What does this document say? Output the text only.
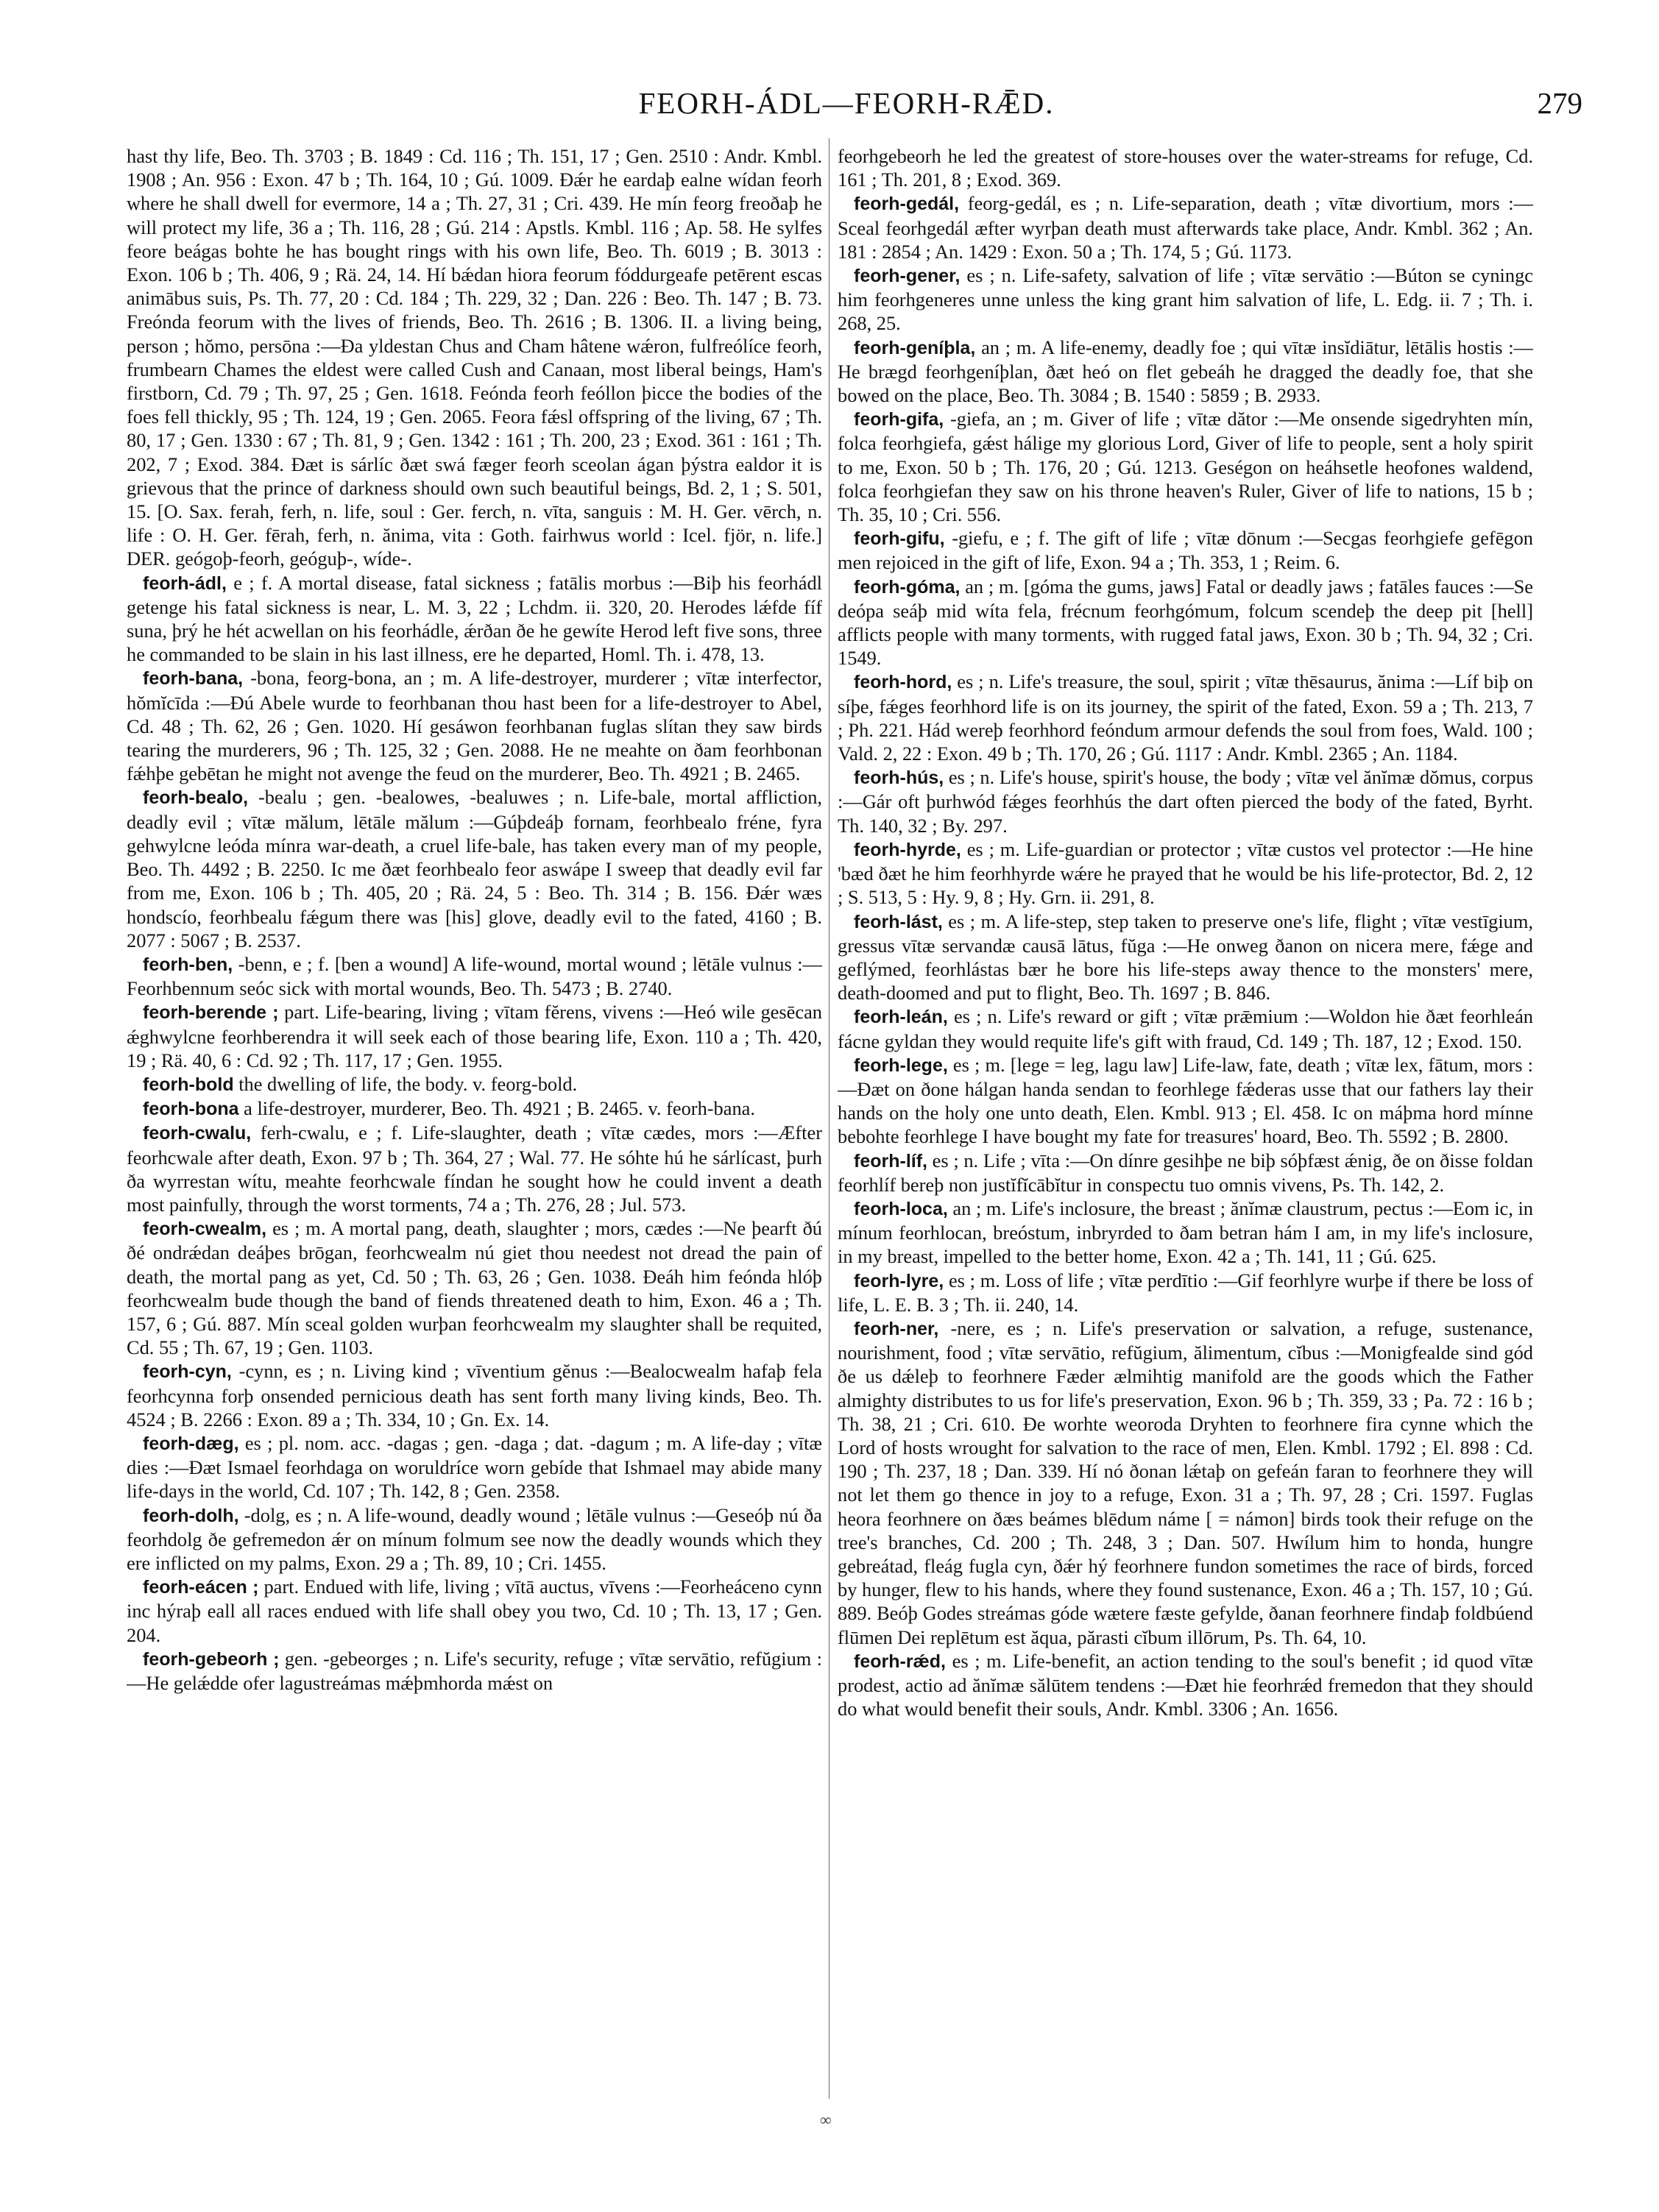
FEORH-ÁDL—FEORH-RǢD.	279

hast thy life, Beo. Th. 3703 ; B. 1849 : Cd. 116 ; Th. 151, 17 ; Gen. 2510 : Andr. Kmbl. 1908 ; An. 956 : Exon. 47 b ; Th. 164, 10 ; Gú. 1009. Ðǽr he eardaþ ealne wídan feorh where he shall dwell for evermore, 14 a ; Th. 27, 31 ; Cri. 439. He mín feorg freoðaþ he will protect my life, 36 a ; Th. 116, 28 ; Gú. 214 : Apstls. Kmbl. 116 ; Ap. 58. He sylfes feore beágas bohte he has bought rings with his own life, Beo. Th. 6019 ; B. 3013 : Exon. 106 b ; Th. 406, 9 ; Rä. 24, 14. Hí bǽdan hiora feorum fóddurgeafe petērent escas animābus suis, Ps. Th. 77, 20 : Cd. 184 ; Th. 229, 32 ; Dan. 226 : Beo. Th. 147 ; B. 73. Freónda feorum with the lives of friends, Beo. Th. 2616 ; B. 1306. II. a living being, person ; hŏmo, persōna :—Ða yldestan Chus and Cham hâtene wǽron, fulfreólíce feorh, frumbearn Chames the eldest were called Cush and Canaan, most liberal beings, Ham's firstborn, Cd. 79 ; Th. 97, 25 ; Gen. 1618. Feónda feorh feóllon þicce the bodies of the foes fell thickly, 95 ; Th. 124, 19 ; Gen. 2065. Feora fǽsl offspring of the living, 67 ; Th. 80, 17 ; Gen. 1330 : 67 ; Th. 81, 9 ; Gen. 1342 : 161 ; Th. 200, 23 ; Exod. 361 : 161 ; Th. 202, 7 ; Exod. 384. Ðæt is sárlíc ðæt swá fæger feorh sceolan ágan þýstra ealdor it is grievous that the prince of darkness should own such beautiful beings, Bd. 2, 1 ; S. 501, 15. [O. Sax. ferah, ferh, n. life, soul : Ger. ferch, n. vīta, sanguis : M. H. Ger. vērch, n. life : O. H. Ger. fērah, ferh, n. ănima, vita : Goth. fairhwus world : Icel. fjör, n. life.] DER. geógoþ-feorh, geóguþ-, wíde-.

feorh-ádl, e ; f. A mortal disease, fatal sickness ; fatālis morbus :—Biþ his feorhádl getenge his fatal sickness is near, L. M. 3, 22 ; Lchdm. ii. 320, 20. Herodes lǽfde fíf suna, þrý he hét acwellan on his feorhádle, ǽrðan ðe he gewíte Herod left five sons, three he commanded to be slain in his last illness, ere he departed, Homl. Th. i. 478, 13.

feorh-bana, -bona, feorg-bona, an ; m. A life-destroyer, murderer ; vītæ interfector, hŏmĭcīda :—Ðú Abele wurde to feorhbanan thou hast been for a life-destroyer to Abel, Cd. 48 ; Th. 62, 26 ; Gen. 1020. Hí gesáwon feorhbanan fuglas slítan they saw birds tearing the murderers, 96 ; Th. 125, 32 ; Gen. 2088. He ne meahte on ðam feorhbonan fǽhþe gebētan he might not avenge the feud on the murderer, Beo. Th. 4921 ; B. 2465.

feorh-bealo, -bealu ; gen. -bealowes, -bealuwes ; n. Life-bale, mortal affliction, deadly evil ; vītæ mălum, lētāle mălum :—Gúþdeáþ fornam, feorhbealo fréne, fyra gehwylcne leóda mínra war-death, a cruel life-bale, has taken every man of my people, Beo. Th. 4492 ; B. 2250. Ic me ðæt feorhbealo feor aswápe I sweep that deadly evil far from me, Exon. 106 b ; Th. 405, 20 ; Rä. 24, 5 : Beo. Th. 314 ; B. 156. Ðǽr wæs hondscío, feorhbealu fǽgum there was [his] glove, deadly evil to the fated, 4160 ; B. 2077 : 5067 ; B. 2537.

feorh-ben, -benn, e ; f. [ben a wound] A life-wound, mortal wound ; lētāle vulnus :—Feorhbennum seóc sick with mortal wounds, Beo. Th. 5473 ; B. 2740.

feorh-berende ; part. Life-bearing, living ; vītam fĕrens, vivens :—Heó wile gesēcan ǽghwylcne feorhberendra it will seek each of those bearing life, Exon. 110 a ; Th. 420, 19 ; Rä. 40, 6 : Cd. 92 ; Th. 117, 17 ; Gen. 1955.

feorh-bold the dwelling of life, the body. v. feorg-bold.

feorh-bona a life-destroyer, murderer, Beo. Th. 4921 ; B. 2465. v. feorh-bana.

feorh-cwalu, ferh-cwalu, e ; f. Life-slaughter, death ; vītæ cædes, mors :—Æfter feorhcwale after death, Exon. 97 b ; Th. 364, 27 ; Wal. 77. He sóhte hú he sárlícast, þurh ða wyrrestan wítu, meahte feorhcwale fíndan he sought how he could invent a death most painfully, through the worst torments, 74 a ; Th. 276, 28 ; Jul. 573.

feorh-cwealm, es ; m. A mortal pang, death, slaughter ; mors, cædes :—Ne þearft ðú ðé ondrǽdan deáþes brōgan, feorhcwealm nú giet thou needest not dread the pain of death, the mortal pang as yet, Cd. 50 ; Th. 63, 26 ; Gen. 1038. Ðeáh him feónda hlóþ feorhcwealm bude though the band of fiends threatened death to him, Exon. 46 a ; Th. 157, 6 ; Gú. 887. Mín sceal golden wurþan feorhcwealm my slaughter shall be requited, Cd. 55 ; Th. 67, 19 ; Gen. 1103.

feorh-cyn, -cynn, es ; n. Living kind ; vīventium gĕnus :—Bealocwealm hafaþ fela feorhcynna forþ onsended pernicious death has sent forth many living kinds, Beo. Th. 4524 ; B. 2266 : Exon. 89 a ; Th. 334, 10 ; Gn. Ex. 14.

feorh-dæg, es ; pl. nom. acc. -dagas ; gen. -daga ; dat. -dagum ; m. A life-day ; vītæ dies :—Ðæt Ismael feorhdaga on woruldríce worn gebíde that Ishmael may abide many life-days in the world, Cd. 107 ; Th. 142, 8 ; Gen. 2358.

feorh-dolh, -dolg, es ; n. A life-wound, deadly wound ; lētāle vulnus :—Geseóþ nú ða feorhdolg ðe gefremedon ǽr on mínum folmum see now the deadly wounds which they ere inflicted on my palms, Exon. 29 a ; Th. 89, 10 ; Cri. 1455.

feorh-eácen ; part. Endued with life, living ; vītā auctus, vīvens :—Feorheáceno cynn inc hýraþ eall all races endued with life shall obey you two, Cd. 10 ; Th. 13, 17 ; Gen. 204.

feorh-gebeorh ; gen. -gebeorges ; n. Life's security, refuge ; vītæ servātio, refŭgium :—He gelǽdde ofer lagustreámas mǽþmhorda mǽst on

feorhgebeorh he led the greatest of store-houses over the water-streams for refuge, Cd. 161 ; Th. 201, 8 ; Exod. 369.

feorh-gedál, feorg-gedál, es ; n. Life-separation, death ; vītæ divortium, mors :—Sceal feorhgedál æfter wyrþan death must afterwards take place, Andr. Kmbl. 362 ; An. 181 : 2854 ; An. 1429 : Exon. 50 a ; Th. 174, 5 ; Gú. 1173.

feorh-gener, es ; n. Life-safety, salvation of life ; vītæ servātio :—Búton se cyningc him feorhgeneres unne unless the king grant him salvation of life, L. Edg. ii. 7 ; Th. i. 268, 25.

feorh-geníþla, an ; m. A life-enemy, deadly foe ; qui vītæ insĭdiātur, lētālis hostis :—He brægd feorhgeníþlan, ðæt heó on flet gebeáh he dragged the deadly foe, that she bowed on the place, Beo. Th. 3084 ; B. 1540 : 5859 ; B. 2933.

feorh-gifa, -giefa, an ; m. Giver of life ; vītæ dător :—Me onsende sigedryhten mín, folca feorhgiefa, gǽst hálige my glorious Lord, Giver of life to people, sent a holy spirit to me, Exon. 50 b ; Th. 176, 20 ; Gú. 1213. Geségon on heáhsetle heofones waldend, folca feorhgiefan they saw on his throne heaven's Ruler, Giver of life to nations, 15 b ; Th. 35, 10 ; Cri. 556.

feorh-gifu, -giefu, e ; f. The gift of life ; vītæ dōnum :—Secgas feorhgiefe gefēgon men rejoiced in the gift of life, Exon. 94 a ; Th. 353, 1 ; Reim. 6.

feorh-góma, an ; m. [góma the gums, jaws] Fatal or deadly jaws ; fatāles fauces :—Se deópa seáþ mid wíta fela, frécnum feorhgómum, folcum scendeþ the deep pit [hell] afflicts people with many torments, with rugged fatal jaws, Exon. 30 b ; Th. 94, 32 ; Cri. 1549.

feorh-hord, es ; n. Life's treasure, the soul, spirit ; vītæ thēsaurus, ănima :—Líf biþ on síþe, fǽges feorhhord life is on its journey, the spirit of the fated, Exon. 59 a ; Th. 213, 7 ; Ph. 221. Hád wereþ feorhhord feóndum armour defends the soul from foes, Wald. 100 ; Vald. 2, 22 : Exon. 49 b ; Th. 170, 26 ; Gú. 1117 : Andr. Kmbl. 2365 ; An. 1184.

feorh-hús, es ; n. Life's house, spirit's house, the body ; vītæ vel ănĭmæ dŏmus, corpus :—Gár oft þurhwód fǽges feorhhús the dart often pierced the body of the fated, Byrht. Th. 140, 32 ; By. 297.

feorh-hyrde, es ; m. Life-guardian or protector ; vītæ custos vel protector :—He hine 'bæd ðæt he him feorhhyrde wǽre he prayed that he would be his life-protector, Bd. 2, 12 ; S. 513, 5 : Hy. 9, 8 ; Hy. Grn. ii. 291, 8.

feorh-lást, es ; m. A life-step, step taken to preserve one's life, flight ; vītæ vestīgium, gressus vītæ servandæ causā lātus, fŭga :—He onweg ðanon on nicera mere, fǽge and geflýmed, feorhlástas bær he bore his life-steps away thence to the monsters' mere, death-doomed and put to flight, Beo. Th. 1697 ; B. 846.

feorh-leán, es ; n. Life's reward or gift ; vītæ prǣmium :—Woldon hie ðæt feorhleán fácne gyldan they would requite life's gift with fraud, Cd. 149 ; Th. 187, 12 ; Exod. 150.

feorh-lege, es ; m. [lege = leg, lagu law] Life-law, fate, death ; vītæ lex, fātum, mors :—Ðæt on ðone hálgan handa sendan to feorhlege fǽderas usse that our fathers lay their hands on the holy one unto death, Elen. Kmbl. 913 ; El. 458. Ic on máþma hord mínne bebohte feorhlege I have bought my fate for treasures' hoard, Beo. Th. 5592 ; B. 2800.

feorh-líf, es ; n. Life ; vīta :—On dínre gesihþe ne biþ sóþfæst ǽnig, ðe on ðisse foldan feorhlíf bereþ non justĭfĭcābĭtur in conspectu tuo omnis vivens, Ps. Th. 142, 2.

feorh-loca, an ; m. Life's inclosure, the breast ; ănĭmæ claustrum, pectus :—Eom ic, in mínum feorhlocan, breóstum, inbryrded to ðam betran hám I am, in my life's inclosure, in my breast, impelled to the better home, Exon. 42 a ; Th. 141, 11 ; Gú. 625.

feorh-lyre, es ; m. Loss of life ; vītæ perdītio :—Gif feorhlyre wurþe if there be loss of life, L. E. B. 3 ; Th. ii. 240, 14.

feorh-ner, -nere, es ; n. Life's preservation or salvation, a refuge, sustenance, nourishment, food ; vītæ servātio, refŭgium, ălimentum, cĭbus :—Monigfealde sind gód ðe us dǽleþ to feorhnere Fæder ælmihtig manifold are the goods which the Father almighty distributes to us for life's preservation, Exon. 96 b ; Th. 359, 33 ; Pa. 72 : 16 b ; Th. 38, 21 ; Cri. 610. Ðe worhte weoroda Dryhten to feorhnere fira cynne which the Lord of hosts wrought for salvation to the race of men, Elen. Kmbl. 1792 ; El. 898 : Cd. 190 ; Th. 237, 18 ; Dan. 339. Hí nó ðonan lǽtaþ on gefeán faran to feorhnere they will not let them go thence in joy to a refuge, Exon. 31 a ; Th. 97, 28 ; Cri. 1597. Fuglas heora feorhnere on ðæs beámes blēdum náme [ = námon] birds took their refuge on the tree's branches, Cd. 200 ; Th. 248, 3 ; Dan. 507. Hwílum him to honda, hungre gebreátad, fleág fugla cyn, ðǽr hý feorhnere fundon sometimes the race of birds, forced by hunger, flew to his hands, where they found sustenance, Exon. 46 a ; Th. 157, 10 ; Gú. 889. Beóþ Godes streámas góde wætere fæste gefylde, ðanan feorhnere findaþ foldbúend flūmen Dei replētum est ăqua, părasti cĭbum illōrum, Ps. Th. 64, 10.

feorh-rǽd, es ; m. Life-benefit, an action tending to the soul's benefit ; id quod vītæ prodest, actio ad ănĭmæ sălūtem tendens :—Ðæt hie feorhrǽd fremedon that they should do what would benefit their souls, Andr. Kmbl. 3306 ; An. 1656.

∞
